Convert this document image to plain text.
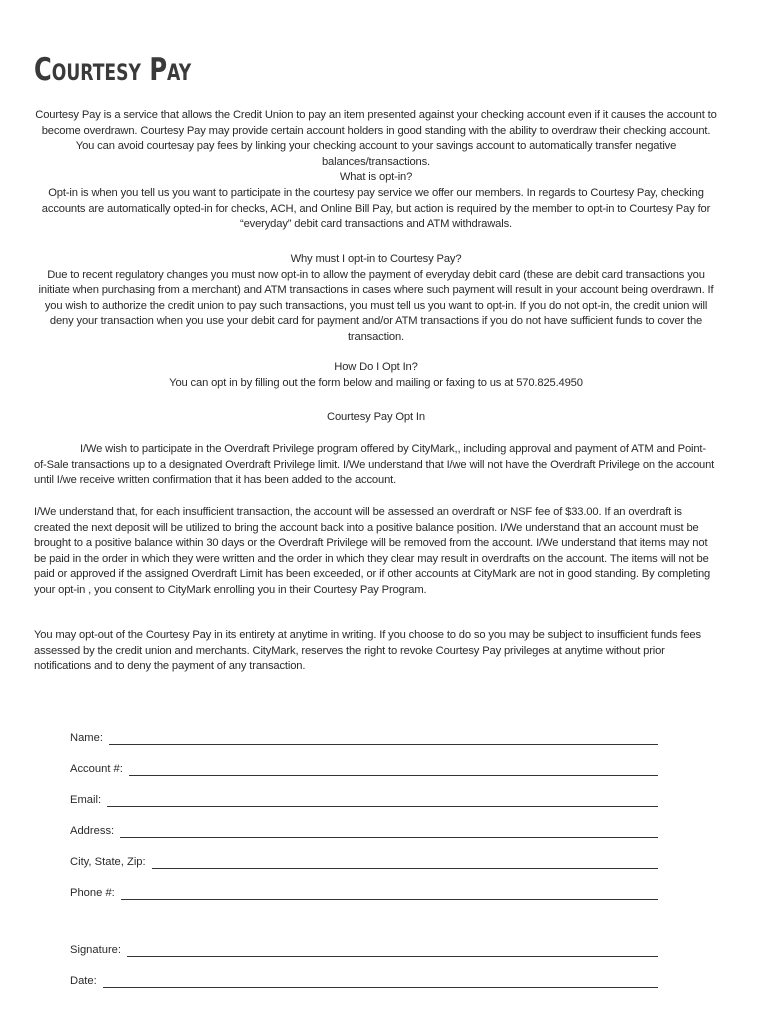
Courtesy Pay

Courtesy Pay is a service that allows the Credit Union to pay an item presented against your checking account even if it causes the account to become overdrawn. Courtesy Pay may provide certain account holders in good standing with the ability to overdraw their checking account. You can avoid courtesay pay fees by linking your checking account to your savings account to automatically transfer negative balances/transactions.

What is opt-in?

Opt-in is when you tell us you want to participate in the courtesy pay service we offer our members. In regards to Courtesy Pay, checking accounts are automatically opted-in for checks, ACH, and Online Bill Pay, but action is required by the member to opt-in to Courtesy Pay for “everyday” debit card transactions and ATM withdrawals.

Why must I opt-in to Courtesy Pay?

Due to recent regulatory changes you must now opt-in to allow the payment of everyday debit card (these are debit card transactions you initiate when purchasing from a merchant) and ATM transactions in cases where such payment will result in your account being overdrawn. If you wish to authorize the credit union to pay such transactions, you must tell us you want to opt-in. If you do not opt-in, the credit union will deny your transaction when you use your debit card for payment and/or ATM transactions if you do not have sufficient funds to cover the transaction.

How Do I Opt In?

You can opt in by filling out the form below and mailing or faxing to us at 570.825.4950

Courtesy Pay Opt In

I/We wish to participate in the Overdraft Privilege program offered by CityMark,, including approval and payment of ATM and Point-of-Sale transactions up to a designated Overdraft Privilege limit. I/We understand that I/we will not have the Overdraft Privilege on the account until I/we receive written confirmation that it has been added to the account.

I/We understand that, for each insufficient transaction, the account will be assessed an overdraft or NSF fee of $33.00. If an overdraft is created the next deposit will be utilized to bring the account back into a positive balance position. I/We understand that an account must be brought to a positive balance within 30 days or the Overdraft Privilege will be removed from the account. I/We understand that items may not be paid in the order in which they were written and the order in which they clear may result in overdrafts on the account. The items will not be paid or approved if the assigned Overdraft Limit has been exceeded, or if other accounts at CityMark are not in good standing. By completing your opt-in , you consent to CityMark enrolling you in their Courtesy Pay Program.

You may opt-out of the Courtesy Pay in its entirety at anytime in writing. If you choose to do so you may be subject to insufficient funds fees assessed by the credit union and merchants. CityMark, reserves the right to revoke Courtesy Pay privileges at anytime without prior notifications and to deny the payment of any transaction.

Name:
Account #:
Email:
Address:
City, State, Zip:
Phone #:
Signature:
Date:
